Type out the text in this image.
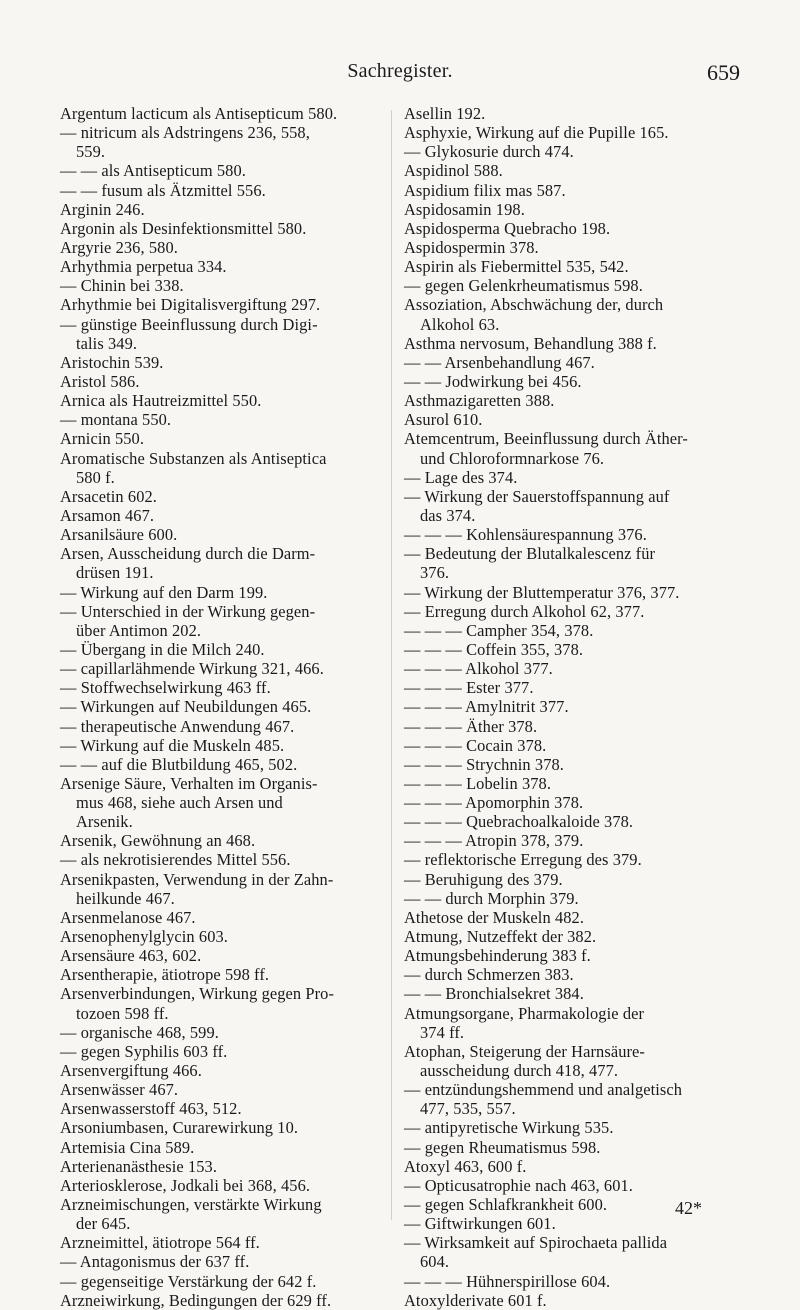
Sachregister.	659
Argentum lacticum als Antisepticum 580.
— nitricum als Adstringens 236, 558,
559.
— — als Antisepticum 580.
— — fusum als Ätzmittel 556.
Arginin 246.
Argonin als Desinfektionsmittel 580.
Argyrie 236, 580.
Arhythmia perpetua 334.
— Chinin bei 338.
Arhythmie bei Digitalisvergiftung 297.
— günstige Beeinflussung durch Digi-
talis 349.
Aristochin 539.
Aristol 586.
Arnica als Hautreizmittel 550.
— montana 550.
Arnicin 550.
Aromatische Substanzen als Antiseptica
580 f.
Arsacetin 602.
Arsamon 467.
Arsanilsäure 600.
Arsen, Ausscheidung durch die Darm-
drüsen 191.
— Wirkung auf den Darm 199.
— Unterschied in der Wirkung gegen-
über Antimon 202.
— Übergang in die Milch 240.
— capillarlähmende Wirkung 321, 466.
— Stoffwechselwirkung 463 ff.
— Wirkungen auf Neubildungen 465.
— therapeutische Anwendung 467.
— Wirkung auf die Muskeln 485.
— — auf die Blutbildung 465, 502.
Arsenige Säure, Verhalten im Organis-
mus 468, siehe auch Arsen und
Arsenik.
Arsenik, Gewöhnung an 468.
— als nekrotisierendes Mittel 556.
Arsenikpasten, Verwendung in der Zahn-
heilkunde 467.
Arsenmelanose 467.
Arsenophenylglycin 603.
Arsensäure 463, 602.
Arsentherapie, ätiotrope 598 ff.
Arsenverbindungen, Wirkung gegen Pro-
tozoen 598 ff.
— organische 468, 599.
— gegen Syphilis 603 ff.
Arsenvergiftung 466.
Arsenwässer 467.
Arsenwasserstoff 463, 512.
Arsoniumbasen, Curarewirkung 10.
Artemisia Cina 589.
Arterienanästhesie 153.
Arteriosklerose, Jodkali bei 368, 456.
Arzneimischungen, verstärkte Wirkung
der 645.
Arzneimittel, ätiotrope 564 ff.
— Antagonismus der 637 ff.
— gegenseitige Verstärkung der 642 f.
Arzneiwirkung, Bedingungen der 629 ff.
Asellin 192.
Asphyxie, Wirkung auf die Pupille 165.
— Glykosurie durch 474.
Aspidinol 588.
Aspidium filix mas 587.
Aspidosamin 198.
Aspidosperma Quebracho 198.
Aspidospermin 378.
Aspirin als Fiebermittel 535, 542.
— gegen Gelenkrheumatismus 598.
Assoziation, Abschwächung der, durch
Alkohol 63.
Asthma nervosum, Behandlung 388 f.
— — Arsenbehandlung 467.
— — Jodwirkung bei 456.
Asthmazigaretten 388.
Asurol 610.
Atemcentrum, Beeinflussung durch Äther-
und Chloroformnarkose 76.
— Lage des 374.
— Wirkung der Sauerstoffspannung auf
das 374.
— — — Kohlensäurespannung 376.
— Bedeutung der Blutalkalescenz für
376.
— Wirkung der Bluttemperatur 376, 377.
— Erregung durch Alkohol 62, 377.
— — — Campher 354, 378.
— — — Coffein 355, 378.
— — — Alkohol 377.
— — — Ester 377.
— — — Amylnitrit 377.
— — — Äther 378.
— — — Cocain 378.
— — — Strychnin 378.
— — — Lobelin 378.
— — — Apomorphin 378.
— — — Quebrachoalkaloide 378.
— — — Atropin 378, 379.
— reflektorische Erregung des 379.
— Beruhigung des 379.
— — durch Morphin 379.
Athetose der Muskeln 482.
Atmung, Nutzeffekt der 382.
Atmungsbehinderung 383 f.
— durch Schmerzen 383.
— — Bronchialsekret 384.
Atmungsorgane, Pharmakologie der
374 ff.
Atophan, Steigerung der Harnsäure-
ausscheidung durch 418, 477.
— entzündungshemmend und analgetisch
477, 535, 557.
— antipyretische Wirkung 535.
— gegen Rheumatismus 598.
Atoxyl 463, 600 f.
— Opticusatrophie nach 463, 601.
— gegen Schlafkrankheit 600.
— Giftwirkungen 601.
— Wirksamkeit auf Spirochaeta pallida
604.
— — — Hühnerspirillose 604.
Atoxylderivate 601 f.
42*
